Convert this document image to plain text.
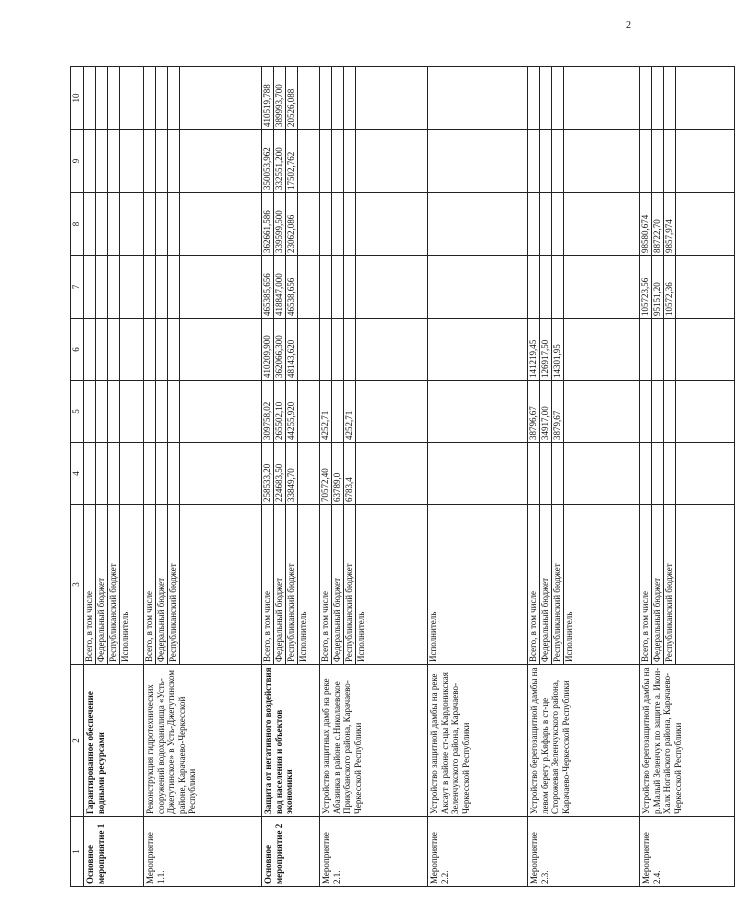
2
1	2	3	4	5	6	7	8	9	10
Основное мероприятие 1	Гарантированное обеспечение водными ресурсами	Всего, в том числе Федеральный бюджет Республиканский бюджет Исполнитель							

Мероприятие 1.1.	Реконструкция гидротехнических сооружений водохранилища «Усть-Джегутинское» в Усть-Джегутинском районе, Карачаево-Черкесской Республики	Всего, в том числе Федеральный бюджет Республиканский бюджет							

Основное мероприятие 2	Защита от негативного воздействия вод населения и объектов экономики	Всего, в том числе Федеральный бюджет Республиканский бюджет Исполнитель	258533,20 224683,50 33849,70	309758,02 265502,10 44255,920	410209,900 362066,300 48143,620	465385,656 418847,000 46538,656	362661,586 339599,500 23062,086	350053,962 332551,200 17502,762	410519,788 389993,700 20526,088

Мероприятие 2.1.	Устройство защитных дамб на реке Абазинка в районе с.Николаевское Прикубанского района, Карачаево-Черкесской Республики	Всего, в том числе Федеральный бюджет Республиканский бюджет Исполнитель	70572,40 63789,0 6783,4	4252,71 4252,71					

Мероприятие 2.2.	Устройство защитной дамбы на реке Аксаут в районе ст-цы Кардоникская Зеленчукского района, Карачаево-Черкесской Республики	Исполнитель							

Мероприятие 2.3.	Устройство берегозащитной дамбы на левом берегу р.Кяфарь в ст-це Сторожевая Зеленчукского района, Карачаево-Черкесской Республики	Всего, в том числе Федеральный бюджет Республиканский бюджет Исполнитель		38796,67 34917,00 3879,67	141219,45 126917,50 14301,95				

Мероприятие 2.4.	Устройство берегозащитной дамбы на р.Малый Зеленчук по защите а. Икон-Халк Ногайского района, Карачаево-Черкесской Республики	Всего, в том числе Федеральный бюджет Республиканский бюджет				105723,56 95151,20 10572,36	98580,674 88722,70 9857,974		
